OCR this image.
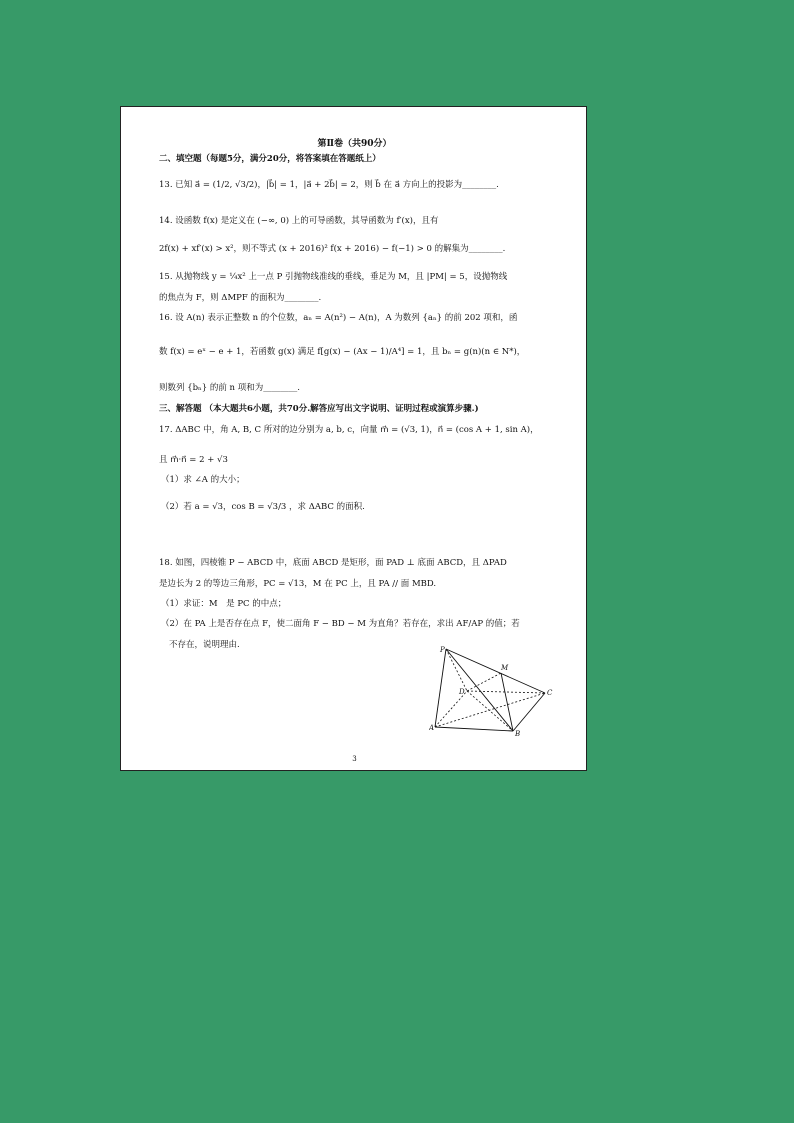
第Ⅱ卷（共90分）
二、填空题（每题5分，满分20分，将答案填在答题纸上）
13. 已知 a⃗ = (1/2, √3/2)，|b⃗| = 1，|a⃗ + 2b⃗| = 2，则 b⃗ 在 a⃗ 方向上的投影为________.
14. 设函数 f(x) 是定义在 (−∞, 0) 上的可导函数，其导函数为 f′(x)，且有
2f(x) + xf′(x) > x²，则不等式 (x + 2016)² f(x + 2016) − f(−1) > 0 的解集为________.
15. 从抛物线 y = ¼x² 上一点 P 引抛物线准线的垂线，垂足为 M，且 |PM| = 5，设抛物线
的焦点为 F，则 ΔMPF 的面积为________.
16. 设 A(n) 表示正整数 n 的个位数，aₙ = A(n²) − A(n)，A 为数列 {aₙ} 的前 202 项和，函
数 f(x) = eˣ − e + 1，若函数 g(x) 满足 f[g(x) − (Ax − 1)/A⁴] = 1，且 bₙ = g(n)(n ∈ N*)，
则数列 {bₙ} 的前 n 项和为________.
三、解答题 （本大题共6小题，共70分.解答应写出文字说明、证明过程或演算步骤.)
17. ΔABC 中，角 A, B, C 所对的边分别为 a, b, c，向量 m⃗ = (√3, 1)，n⃗ = (cos A + 1, sin A)，
且 m⃗·n⃗ = 2 + √3
（1）求 ∠A 的大小；
（2）若 a = √3，cos B = √3/3 ，求 ΔABC 的面积.
18. 如图，四棱锥 P − ABCD 中，底面 ABCD 是矩形，面 PAD ⊥ 底面 ABCD，且 ΔPAD
是边长为 2 的等边三角形，PC = √13，M 在 PC 上，且 PA // 面 MBD.
（1）求证：M　是 PC 的中点；
（2）在 PA 上是否存在点 F，使二面角 F − BD − M 为直角？若存在，求出 AF/AP 的值；若
不存在，说明理由.	P
M
D	C
A
B
3
